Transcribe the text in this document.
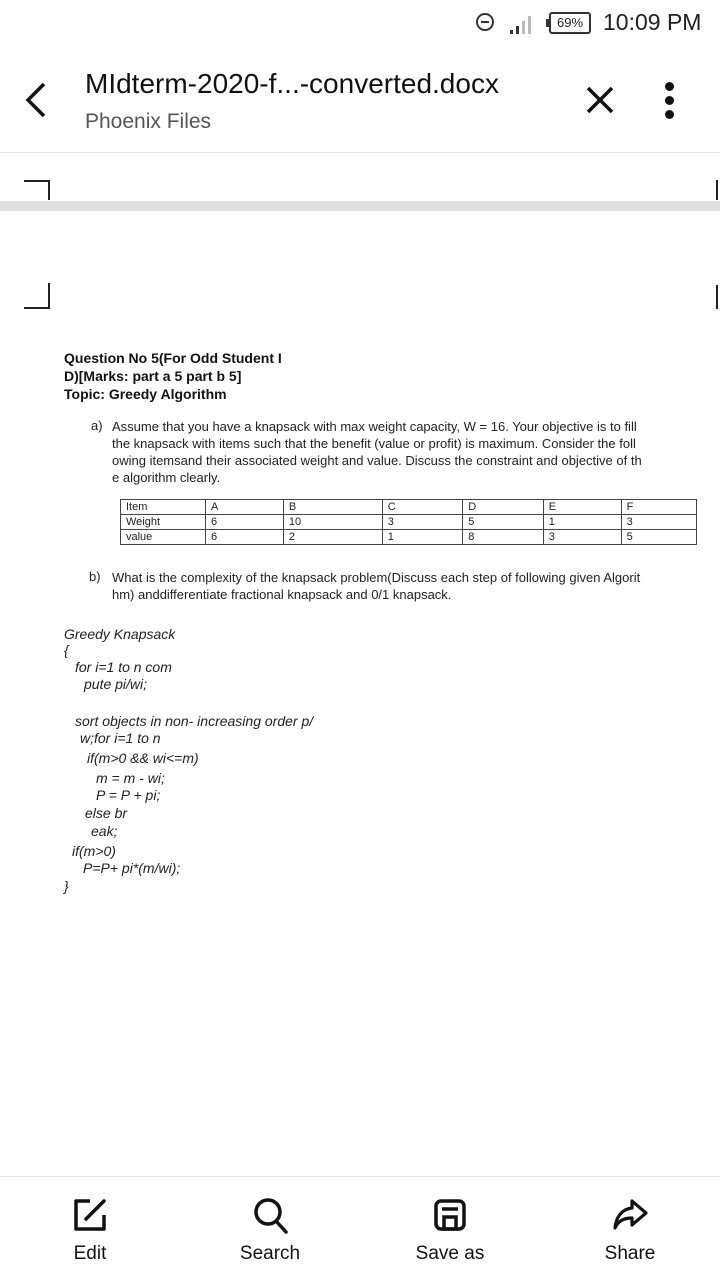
69% 10:09 PM
MIdterm-2020-f...-converted.docx
Phoenix Files
Question No 5(For Odd Student I
D)[Marks: part a 5 part b 5]
Topic: Greedy Algorithm
a) Assume that you have a knapsack with max weight capacity, W = 16. Your objective is to fill
the knapsack with items such that the benefit (value or profit) is maximum. Consider the foll
owing itemsand their associated weight and value. Discuss the constraint and objective of th
e algorithm clearly.
Item	A	B	C	D	E	F
Weight	6	10	3	5	1	3
value	6	2	1	8	3	5
b) What is the complexity of the knapsack problem(Discuss each step of following given Algorit
hm) anddifferentiate fractional knapsack and 0/1 knapsack.
Greedy Knapsack
{
for i=1 to n com
pute pi/wi;
sort objects in non- increasing order p/
w;for i=1 to n
if(m>0 && wi<=m)
m = m - wi;
P = P + pi;
else br
eak;
if(m>0)
P=P+ pi*(m/wi);
}
Edit	Search	Save as	Share
